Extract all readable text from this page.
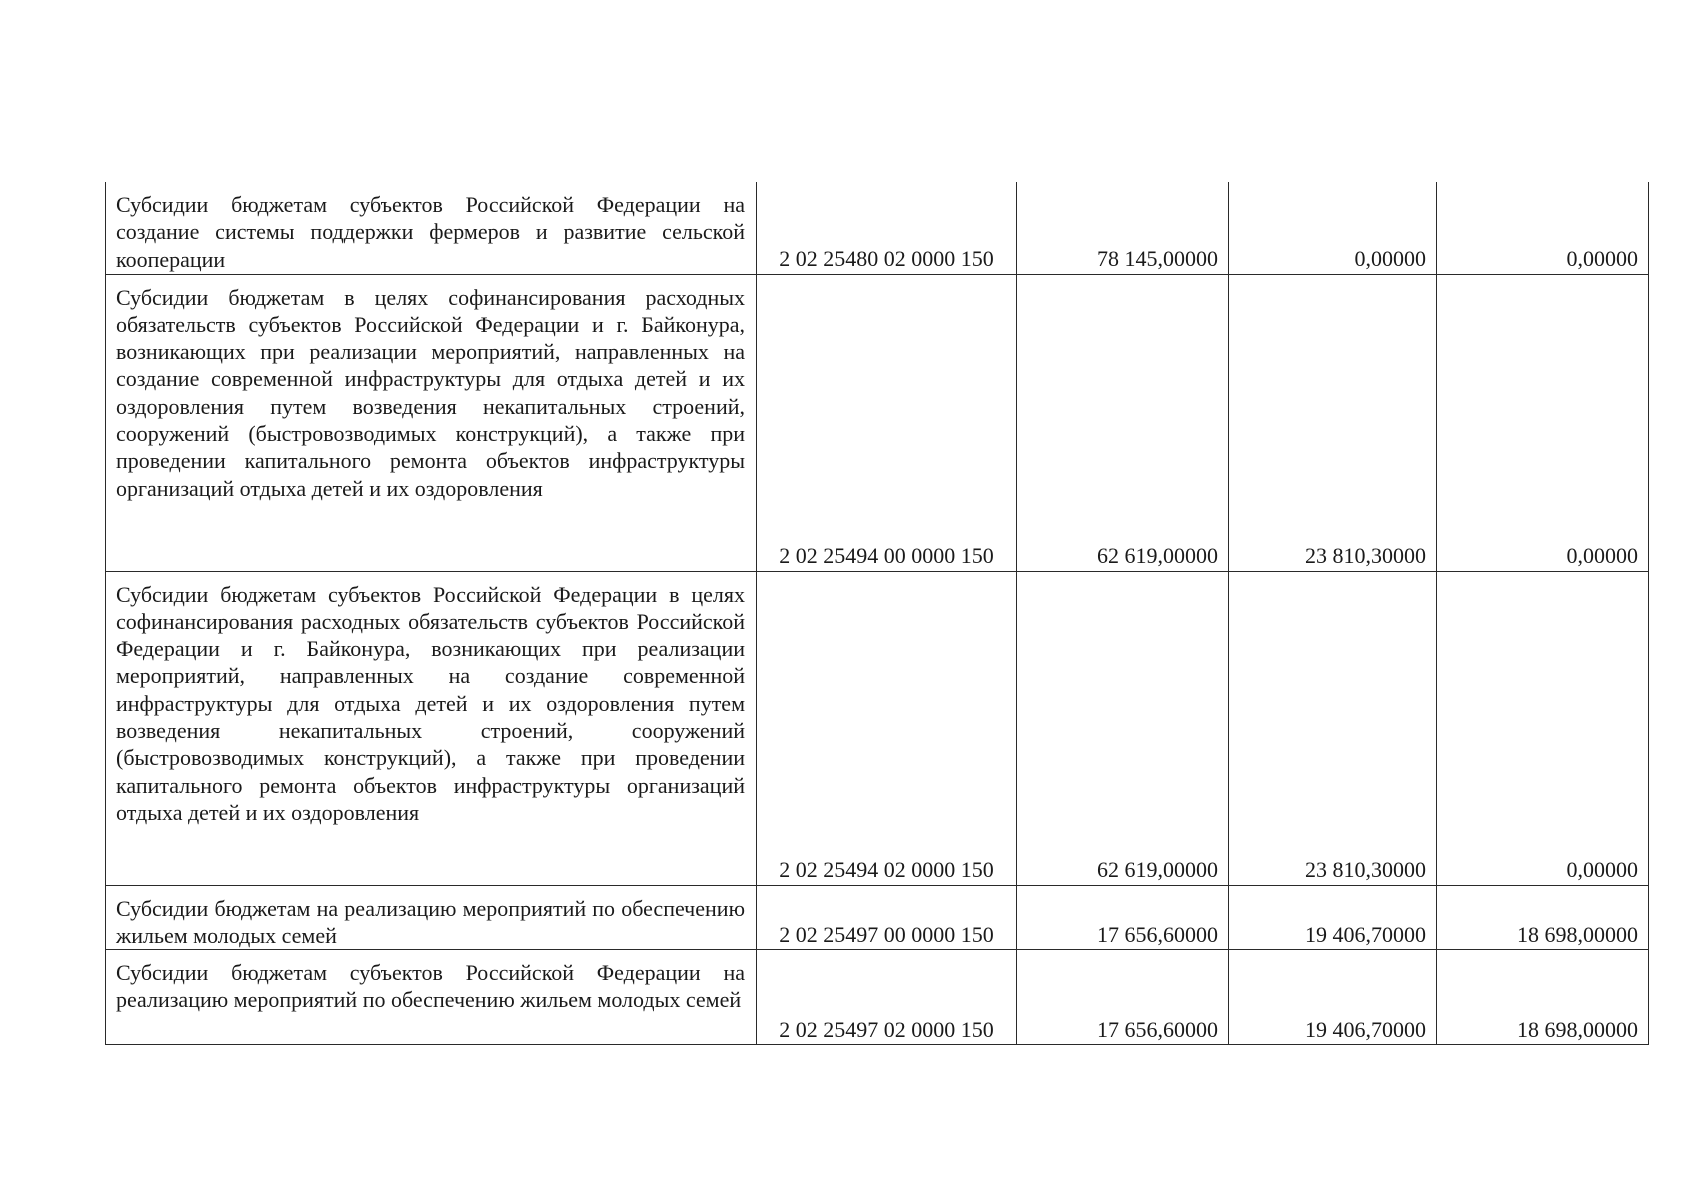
Субсидии бюджетам субъектов Российской Федерации на создание системы поддержки фермеров и развитие сельской кооперации	2 02 25480 02 0000 150	78 145,00000	0,00000	0,00000

Субсидии бюджетам в целях софинансирования расходных обязательств субъектов Российской Федерации и г. Байконура, возникающих при реализации мероприятий, направленных на создание современной инфраструктуры для отдыха детей и их оздоровления путем возведения некапитальных строений, сооружений (быстровозводимых конструкций), а также при проведении капитального ремонта объектов инфраструктуры организаций отдыха детей и их оздоровления	2 02 25494 00 0000 150	62 619,00000	23 810,30000	0,00000

Субсидии бюджетам субъектов Российской Федерации в целях софинансирования расходных обязательств субъектов Российской Федерации и г. Байконура, возникающих при реализации мероприятий, направленных на создание современной инфраструктуры для отдыха детей и их оздоровления путем возведения некапитальных строений, сооружений (быстровозводимых конструкций), а также при проведении капитального ремонта объектов инфраструктуры организаций отдыха детей и их оздоровления	2 02 25494 02 0000 150	62 619,00000	23 810,30000	0,00000

Субсидии бюджетам на реализацию мероприятий по обеспечению жильем молодых семей	2 02 25497 00 0000 150	17 656,60000	19 406,70000	18 698,00000

Субсидии бюджетам субъектов Российской Федерации на реализацию мероприятий по обеспечению жильем молодых семей	2 02 25497 02 0000 150	17 656,60000	19 406,70000	18 698,00000
